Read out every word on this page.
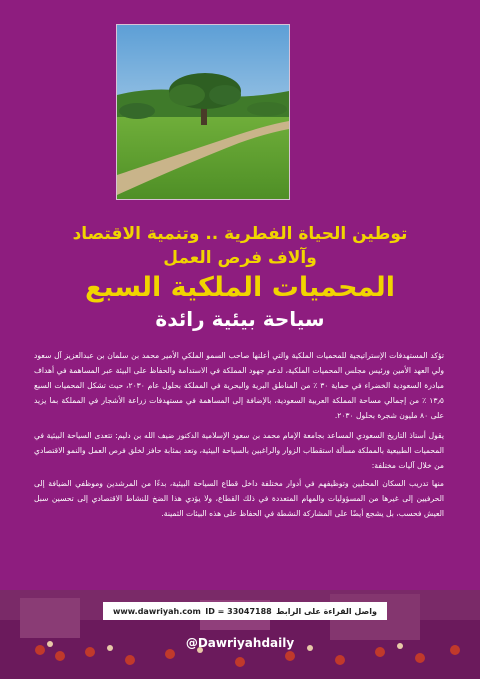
توطين الحياة الفطرية .. وتنمية الاقتصاد
وآلاف فرص العمل
المحميات الملكية السبع
سياحة بيئية رائدة

تؤكد المستهدفات الإستراتيجية للمحميات الملكية والتي أعلنها صاحب السمو الملكي الأمير محمد بن سلمان بن عبدالعزيز آل سعود ولي العهد الأمين ورئيس مجلس المحميات الملكية، لدعم جهود المملكة في الاستدامة والحفاظ على البيئة عبر المساهمة في أهداف مبادرة السعودية الخضراء في حماية ٣٠ ٪ من المناطق البرية والبحرية في المملكة بحلول عام ٢٠٣٠، حيث تشكل المحميات السبع ١٣٫٥ ٪ من إجمالي مساحة المملكة العربية السعودية، بالإضافة إلى المساهمة في مستهدفات زراعة الأشجار في المملكة بما يزيد على ٨٠ مليون شجرة بحلول ٢٠٣٠.

يقول أستاذ التاريخ السعودي المساعد بجامعة الإمام محمد بن سعود الإسلامية الدكتور ضيف الله بن دليم: تتعدى السياحة البيئية في المحميات الطبيعية بالمملكة مسألة استقطاب الزوار والراغبين بالسياحة البيئية، وتعد بمثابة حافز لخلق فرص العمل والنمو الاقتصادي من خلال آليات مختلفة:

منها تدريب السكان المحليين وتوظيفهم في أدوار مختلفة داخل قطاع السياحة البيئية، بدءًا من المرشدين وموظفي الضيافة إلى الحرفيين إلى غيرها من المسؤوليات والمهام المتعددة في ذلك القطاع، ولا يؤدي هذا الضخ للنشاط الاقتصادي إلى تحسين سبل العيش فحسب، بل يشجع أيضًا على المشاركة النشطة في الحفاظ على هذه البيئات الثمينة.

www.dawriyah.com ID = 33047188 واصل القراءة على الرابط
@Dawriyahdaily
